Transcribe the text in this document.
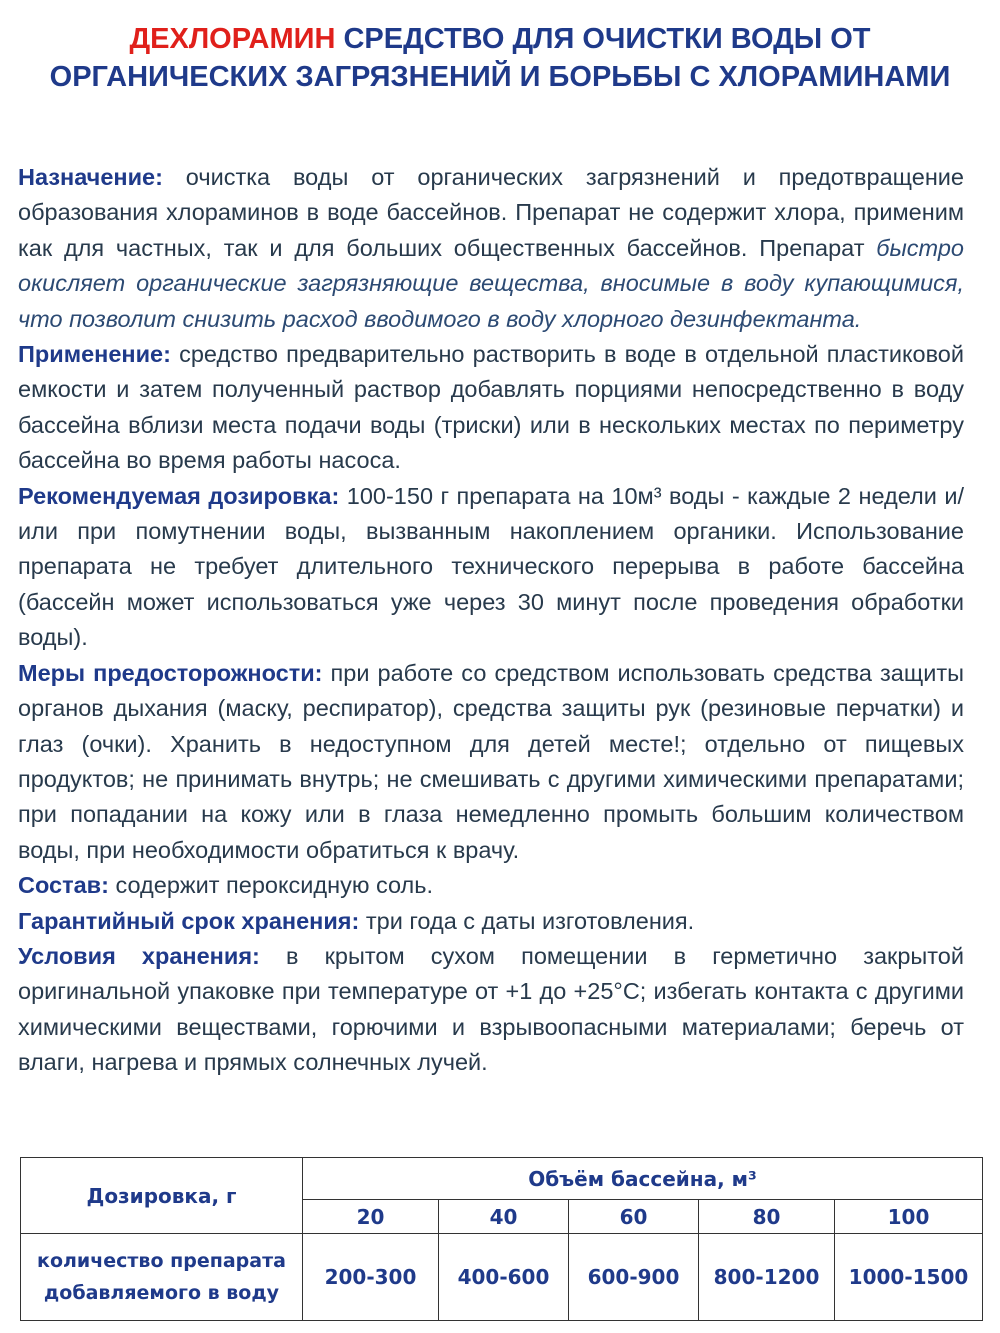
ДЕХЛОРАМИН СРЕДСТВО ДЛЯ ОЧИСТКИ ВОДЫ ОТ ОРГАНИЧЕСКИХ ЗАГРЯЗНЕНИЙ И БОРЬБЫ С ХЛОРАМИНАМИ

Назначение: очистка воды от органических загрязнений и предотвращение образования хлораминов в воде бассейнов. Препарат не содержит хлора, применим как для частных, так и для больших общественных бассейнов. Препарат быстро окисляет органические загрязняющие вещества, вносимые в воду купающимися, что позволит снизить расход вводимого в воду хлорного дезинфектанта.

Применение: средство предварительно растворить в воде в отдельной пластиковой емкости и затем полученный раствор добавлять порциями непосредственно в воду бассейна вблизи места подачи воды (триски) или в нескольких местах по периметру бассейна во время работы насоса.

Рекомендуемая дозировка: 100-150 г препарата на 10м³ воды - каждые 2 недели и/или при помутнении воды, вызванным накоплением органики. Использование препарата не требует длительного технического перерыва в работе бассейна (бассейн может использоваться уже через 30 минут после проведения обработки воды).

Меры предосторожности: при работе со средством использовать средства защиты органов дыхания (маску, респиратор), средства защиты рук (резиновые перчатки) и глаз (очки). Хранить в недоступном для детей месте!; отдельно от пищевых продуктов; не принимать внутрь; не смешивать с другими химическими препаратами; при попадании на кожу или в глаза немедленно промыть большим количеством воды, при необходимости обратиться к врачу.

Состав: содержит пероксидную соль.

Гарантийный срок хранения: три года с даты изготовления.

Условия хранения: в крытом сухом помещении в герметично закрытой оригинальной упаковке при температуре от +1 до +25°С; избегать контакта с другими химическими веществами, горючими и взрывоопасными материалами; беречь от влаги, нагрева и прямых солнечных лучей.

Дозировка, г	Объём бассейна, м³				
	20	40	60	80	100
количество препарата добавляемого в воду	200-300	400-600	600-900	800-1200	1000-1500
